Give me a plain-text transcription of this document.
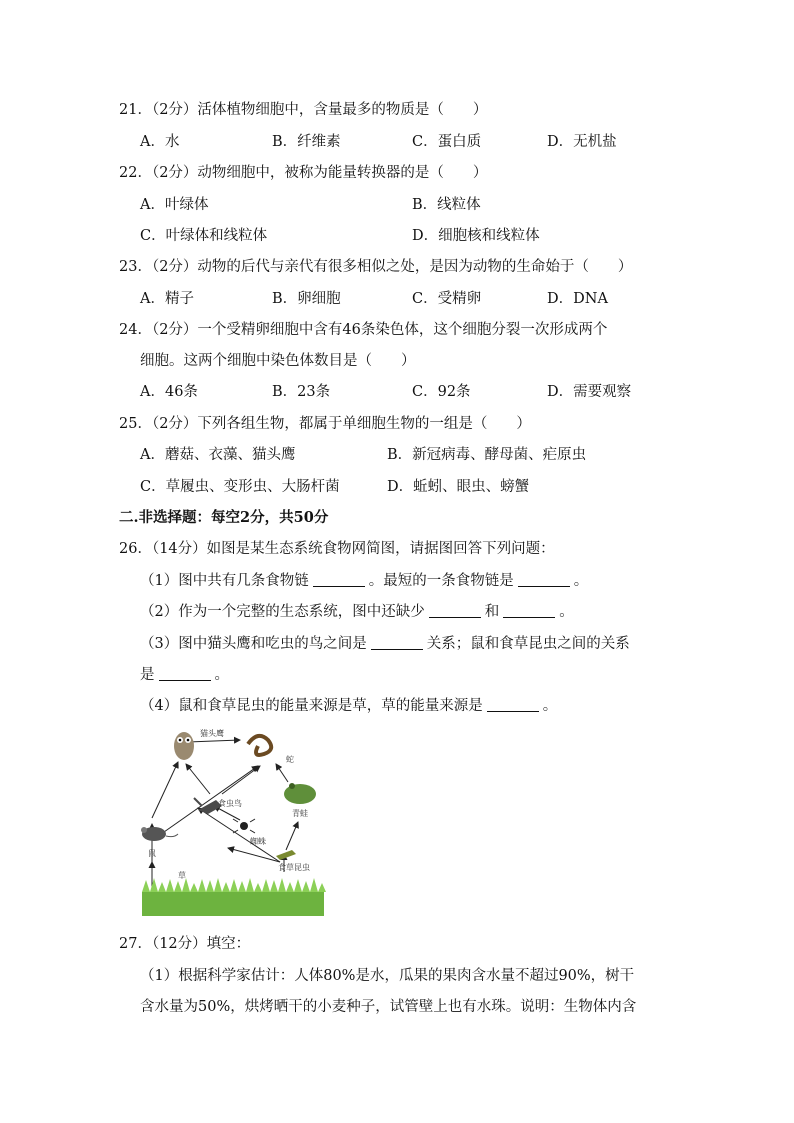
21．（2分）活体植物细胞中，含量最多的物质是（　　）
A．水	B．纤维素	C．蛋白质	D．无机盐
22．（2分）动物细胞中，被称为能量转换器的是（　　）
A．叶绿体	B．线粒体
C．叶绿体和线粒体	D．细胞核和线粒体
23．（2分）动物的后代与亲代有很多相似之处，是因为动物的生命始于（　　）
A．精子	B．卵细胞	C．受精卵	D．DNA
24．（2分）一个受精卵细胞中含有46条染色体，这个细胞分裂一次形成两个
细胞。这两个细胞中染色体数目是（　　）
A．46条	B．23条	C．92条	D．需要观察
25．（2分）下列各组生物，都属于单细胞生物的一组是（　　）
A．蘑菇、衣藻、猫头鹰	B．新冠病毒、酵母菌、疟原虫
C．草履虫、变形虫、大肠杆菌	D．蚯蚓、眼虫、螃蟹
二.非选择题：每空2分，共50分
26．（14分）如图是某生态系统食物网简图，请据图回答下列问题：
（1）图中共有几条食物链	。最短的一条食物链是	。
（2）作为一个完整的生态系统，图中还缺少	和	。
（3）图中猫头鹰和吃虫的鸟之间是	关系；鼠和食草昆虫之间的关系
是	。
（4）鼠和食草昆虫的能量来源是草，草的能量来源是	。
猫头鹰
蛇
青蛙
食虫鸟
蜘蛛
食草昆虫
鼠
草
27．（12分）填空：
（1）根据科学家估计：人体80%是水，瓜果的果肉含水量不超过90%，树干
含水量为50%，烘烤晒干的小麦种子，试管壁上也有水珠。说明：生物体内含
